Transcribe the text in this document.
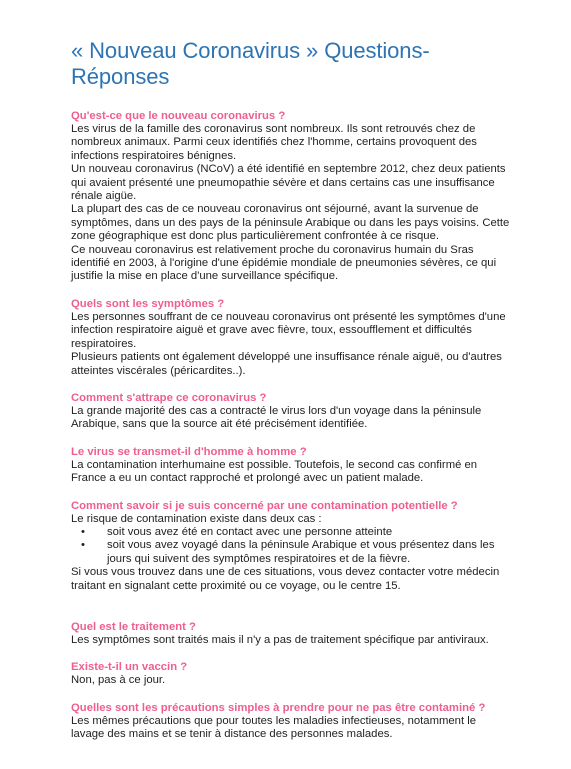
« Nouveau Coronavirus » Questions-Réponses
Qu'est-ce que le nouveau coronavirus ?

Les virus de la famille des coronavirus sont nombreux. Ils sont retrouvés chez de nombreux animaux. Parmi ceux identifiés chez l'homme, certains provoquent des infections respiratoires bénignes.

Un nouveau coronavirus (NCoV) a été identifié en septembre 2012, chez deux patients qui avaient présenté une pneumopathie sévère et dans certains cas une insuffisance rénale aigüe.

La plupart des cas de ce nouveau coronavirus ont séjourné, avant la survenue de symptômes, dans un des pays de la péninsule Arabique ou dans les pays voisins. Cette zone géographique est donc plus particulièrement confrontée à ce risque.

Ce nouveau coronavirus est relativement proche du coronavirus humain du Sras identifié en 2003, à l'origine d'une épidémie mondiale de pneumonies sévères, ce qui justifie la mise en place d'une surveillance spécifique.

Quels sont les symptômes ?

Les personnes souffrant de ce nouveau coronavirus ont présenté les symptômes d'une infection respiratoire aiguë et grave avec fièvre, toux, essoufflement et difficultés respiratoires.

Plusieurs patients ont également développé une insuffisance rénale aiguë, ou d'autres atteintes viscérales (péricardites..).

Comment s'attrape ce coronavirus ?

La grande majorité des cas a contracté le virus lors d'un voyage dans la péninsule Arabique, sans que la source ait été précisément identifiée.

Le virus se transmet-il d'homme à homme ?

La contamination interhumaine est possible. Toutefois, le second cas confirmé en France a eu un contact rapproché et prolongé avec un patient malade.

Comment savoir si je suis concerné par une contamination potentielle ?

Le risque de contamination existe dans deux cas :

• soit vous avez été en contact avec une personne atteinte
• soit vous avez voyagé dans la péninsule Arabique et vous présentez dans les jours qui suivent des symptômes respiratoires et de la fièvre.

Si vous vous trouvez dans une de ces situations, vous devez contacter votre médecin traitant en signalant cette proximité ou ce voyage, ou le centre 15.

Quel est le traitement ?

Les symptômes sont traités mais il n'y a pas de traitement spécifique par antiviraux.

Existe-t-il un vaccin ?

Non, pas à ce jour.

Quelles sont les précautions simples à prendre pour ne pas être contaminé ?

Les mêmes précautions que pour toutes les maladies infectieuses, notamment le lavage des mains et se tenir à distance des personnes malades.
